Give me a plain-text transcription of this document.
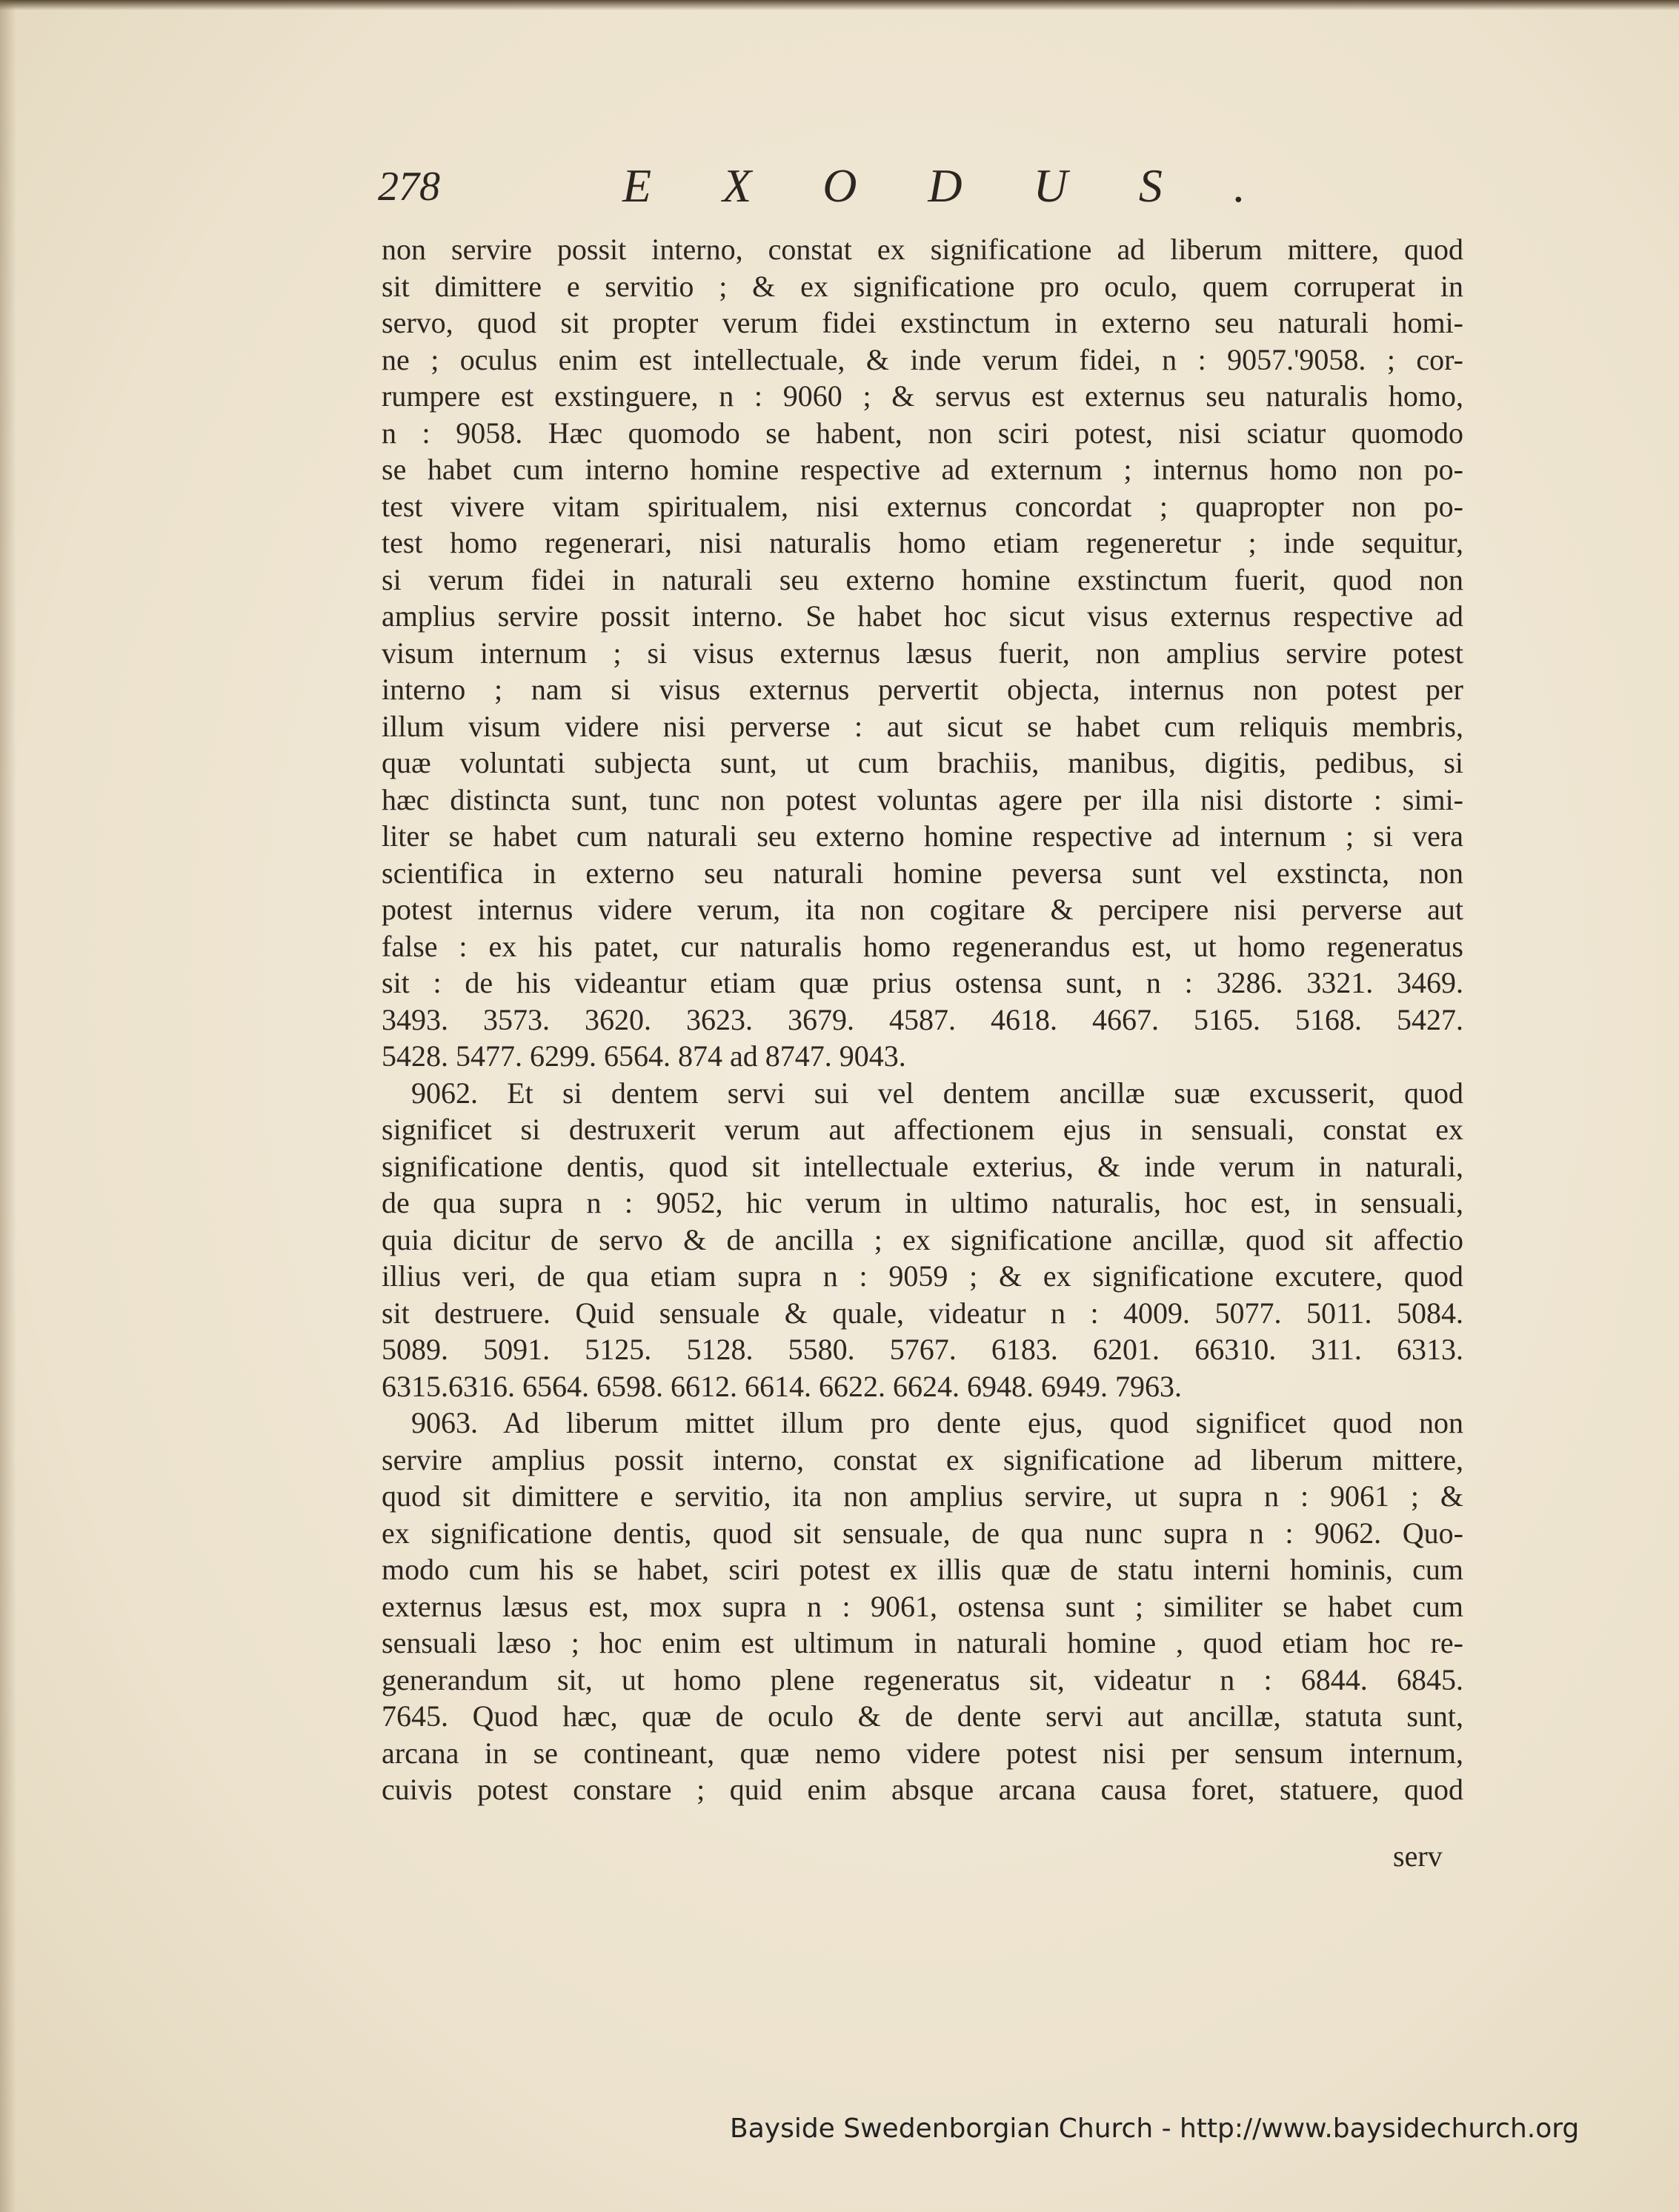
278	EXODUS.
non servire possit interno, constat ex significatione ad liberum mittere, quod
sit dimittere e servitio ; & ex significatione pro oculo, quem corruperat in
servo, quod sit propter verum fidei exstinctum in externo seu naturali homi-
ne ; oculus enim est intellectuale, & inde verum fidei, n : 9057.'9058. ; cor-
rumpere est exstinguere, n : 9060 ; & servus est externus seu naturalis homo,
n : 9058. Hæc quomodo se habent, non sciri potest, nisi sciatur quomodo
se habet cum interno homine respective ad externum ; internus homo non po-
test vivere vitam spiritualem, nisi externus concordat ; quapropter non po-
test homo regenerari, nisi naturalis homo etiam regeneretur ; inde sequitur,
si verum fidei in naturali seu externo homine exstinctum fuerit, quod non
amplius servire possit interno. Se habet hoc sicut visus externus respective ad
visum internum ; si visus externus læsus fuerit, non amplius servire potest
interno ; nam si visus externus pervertit objecta, internus non potest per
illum visum videre nisi perverse : aut sicut se habet cum reliquis membris,
quæ voluntati subjecta sunt, ut cum brachiis, manibus, digitis, pedibus, si
hæc distincta sunt, tunc non potest voluntas agere per illa nisi distorte : simi-
liter se habet cum naturali seu externo homine respective ad internum ; si vera
scientifica in externo seu naturali homine peversa sunt vel exstincta, non
potest internus videre verum, ita non cogitare & percipere nisi perverse aut
false : ex his patet, cur naturalis homo regenerandus est, ut homo regeneratus
sit : de his videantur etiam quæ prius ostensa sunt, n : 3286. 3321. 3469.
3493. 3573. 3620. 3623. 3679. 4587. 4618. 4667. 5165. 5168. 5427.
5428. 5477. 6299. 6564. 874 ad 8747. 9043.
9062. Et si dentem servi sui vel dentem ancillæ suæ excusserit, quod
significet si destruxerit verum aut affectionem ejus in sensuali, constat ex
significatione dentis, quod sit intellectuale exterius, & inde verum in naturali,
de qua supra n : 9052, hic verum in ultimo naturalis, hoc est, in sensuali,
quia dicitur de servo & de ancilla ; ex significatione ancillæ, quod sit affectio
illius veri, de qua etiam supra n : 9059 ; & ex significatione excutere, quod
sit destruere. Quid sensuale & quale, videatur n : 4009. 5077. 5011. 5084.
5089. 5091. 5125. 5128. 5580. 5767. 6183. 6201. 66310. 311. 6313.
6315.6316. 6564. 6598. 6612. 6614. 6622. 6624. 6948. 6949. 7963.
9063. Ad liberum mittet illum pro dente ejus, quod significet quod non
servire amplius possit interno, constat ex significatione ad liberum mittere,
quod sit dimittere e servitio, ita non amplius servire, ut supra n : 9061 ; &
ex significatione dentis, quod sit sensuale, de qua nunc supra n : 9062. Quo-
modo cum his se habet, sciri potest ex illis quæ de statu interni hominis, cum
externus læsus est, mox supra n : 9061, ostensa sunt ; similiter se habet cum
sensuali læso ; hoc enim est ultimum in naturali homine , quod etiam hoc re-
generandum sit, ut homo plene regeneratus sit, videatur n : 6844. 6845.
7645. Quod hæc, quæ de oculo & de dente servi aut ancillæ, statuta sunt,
arcana in se contineant, quæ nemo videre potest nisi per sensum internum,
cuivis potest constare ; quid enim absque arcana causa foret, statuere, quod
serv
Bayside Swedenborgian Church - http://www.baysidechurch.org
